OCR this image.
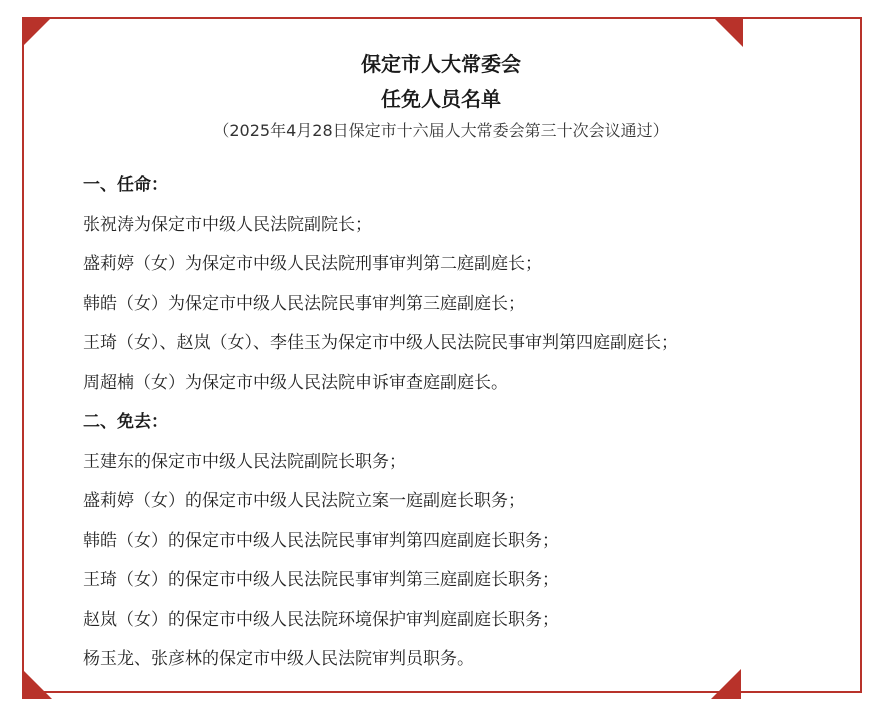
保定市人大常委会
任免人员名单
（2025年4月28日保定市十六届人大常委会第三十次会议通过）
一、任命：
张祝涛为保定市中级人民法院副院长；
盛莉婷（女）为保定市中级人民法院刑事审判第二庭副庭长；
韩皓（女）为保定市中级人民法院民事审判第三庭副庭长；
王琦（女）、赵岚（女）、李佳玉为保定市中级人民法院民事审判第四庭副庭长；
周超楠（女）为保定市中级人民法院申诉审查庭副庭长。
二、免去：
王建东的保定市中级人民法院副院长职务；
盛莉婷（女）的保定市中级人民法院立案一庭副庭长职务；
韩皓（女）的保定市中级人民法院民事审判第四庭副庭长职务；
王琦（女）的保定市中级人民法院民事审判第三庭副庭长职务；
赵岚（女）的保定市中级人民法院环境保护审判庭副庭长职务；
杨玉龙、张彦林的保定市中级人民法院审判员职务。
